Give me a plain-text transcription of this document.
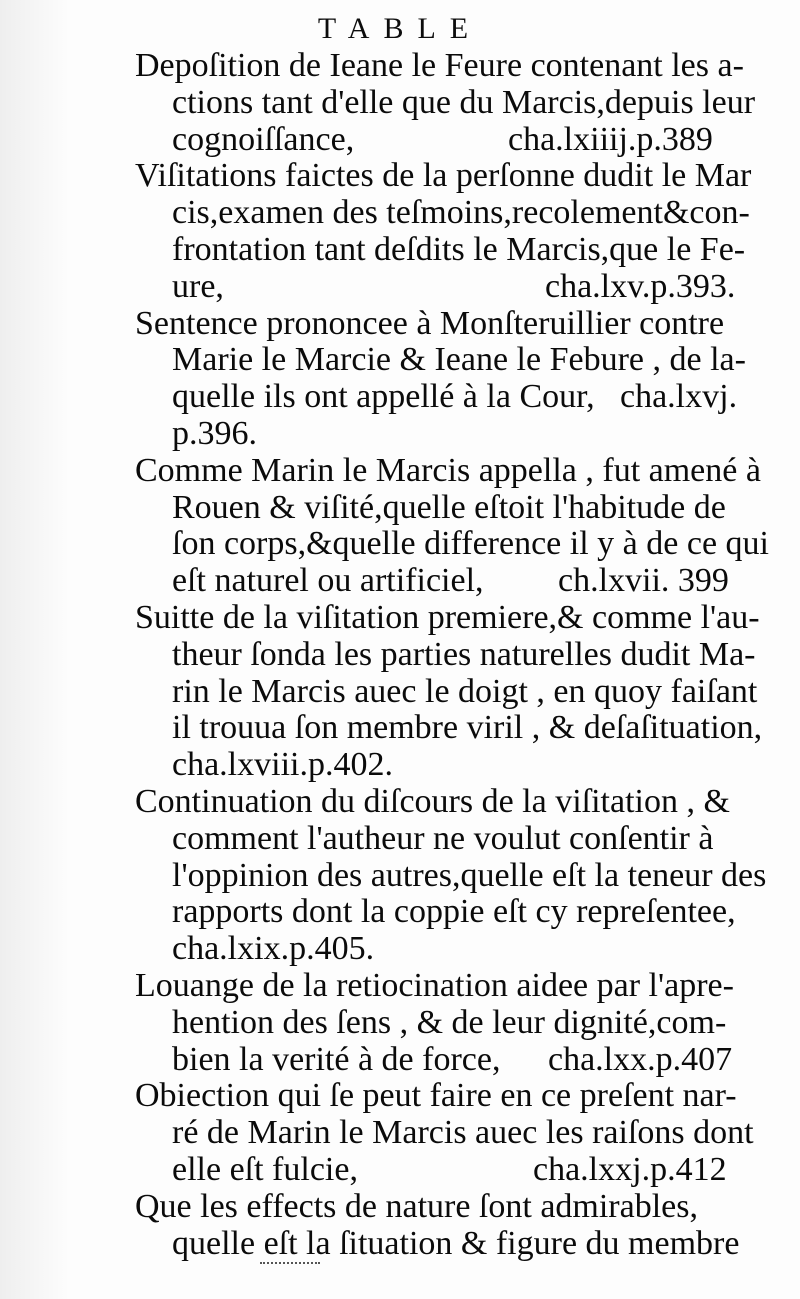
TABLE
Depoſition de Ieane le Feure contenant les a-
ctions tant d'elle que du Marcis,depuis leur
cognoiſſance,	cha.lxiiij.p.389
Viſitations faictes de la perſonne dudit le Mar
cis,examen des teſmoins,recolement&con-
frontation tant deſdits le Marcis,que le Fe-
ure,	cha.lxv.p.393.
Sentence prononcee à Monſteruillier contre
Marie le Marcie & Ieane le Febure , de la-
quelle ils ont appellé à la Cour, cha.lxvj.
p.396.
Comme Marin le Marcis appella , fut amené à
Rouen & viſité,quelle eſtoit l'habitude de
ſon corps,&quelle difference il y à de ce qui
eſt naturel ou artificiel, ch.lxvii. 399
Suitte de la viſitation premiere,& comme l'au-
theur ſonda les parties naturelles dudit Ma-
rin le Marcis auec le doigt , en quoy faiſant
il trouua ſon membre viril , & deſaſituation,
cha.lxviii.p.402.
Continuation du diſcours de la viſitation , &
comment l'autheur ne voulut conſentir à
l'oppinion des autres,quelle eſt la teneur des
rapports dont la coppie eſt cy repreſentee,
cha.lxix.p.405.
Louange de la retiocination aidee par l'apre-
hention des ſens , & de leur dignité,com-
bien la verité à de force, cha.lxx.p.407
Obiection qui ſe peut faire en ce preſent nar-
ré de Marin le Marcis auec les raiſons dont
elle eſt fulcie,	cha.lxxj.p.412
Que les effects de nature ſont admirables,
quelle eſt la ſituation & figure du membre
